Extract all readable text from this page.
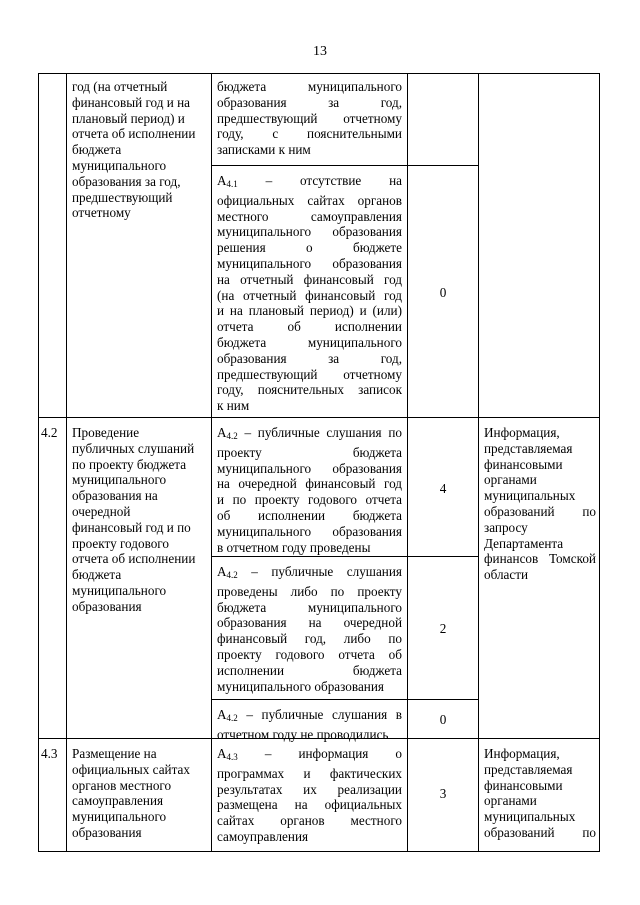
13
год (на отчетный
финансовый год и на
плановый период) и
отчета об исполнении
бюджета
муниципального
образования за год,
предшествующий
отчетному
бюджета муниципального
образования за год,
предшествующий отчетному
году, с пояснительными
записками к ним
$A_{4.1}$ – отсутствие на
официальных сайтах органов
местного самоуправления
муниципального образования
решения о бюджете
муниципального образования
на отчетный финансовый год
(на отчетный финансовый год
и на плановый период) и (или)
отчета об исполнении
бюджета муниципального
образования за год,
предшествующий отчетному
году, пояснительных записок
к ним
0
4.2	Проведение
публичных слушаний
по проекту бюджета
муниципального
образования на
очередной
финансовый год и по
проекту годового
отчета об исполнении
бюджета
муниципального
образования
$A_{4.2}$ – публичные слушания по
проекту бюджета
муниципального образования
на очередной финансовый год
и по проекту годового отчета
об исполнении бюджета
муниципального образования
в отчетном году проведены
4
$A_{4.2}$ – публичные слушания
проведены либо по проекту
бюджета муниципального
образования на очередной
финансовый год, либо по
проекту годового отчета об
исполнении бюджета
муниципального образования
2
$A_{4.2}$ – публичные слушания в
отчетном году не проводились
0
Информация,
представляемая
финансовыми
органами
муниципальных
образований по
запросу
Департамента
финансов Томской
области
4.3	Размещение на
официальных сайтах
органов местного
самоуправления
муниципального
образования
$A_{4.3}$ – информация о
программах и фактических
результатах их реализации
размещена на официальных
сайтах органов местного
самоуправления
3
Информация,
представляемая
финансовыми
органами
муниципальных
образований по
